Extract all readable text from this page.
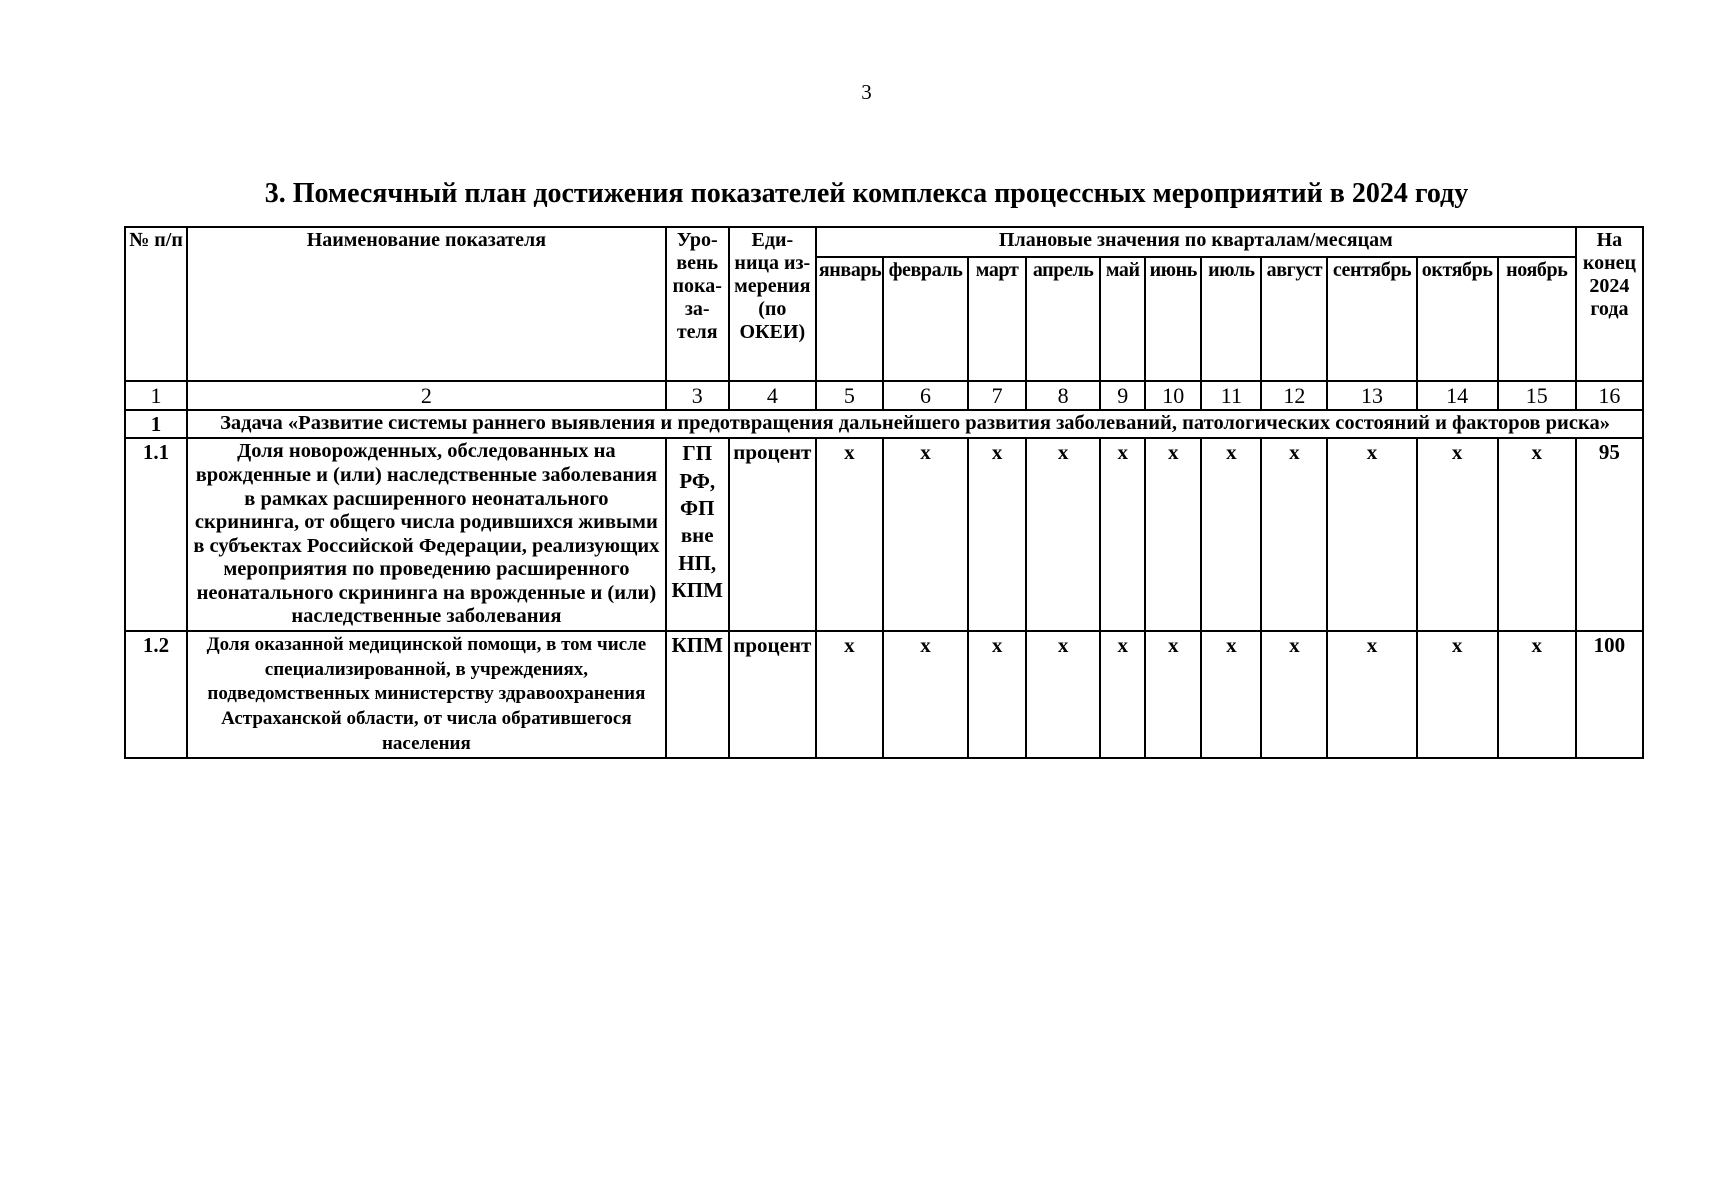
3
3. Помесячный план достижения показателей комплекса процессных мероприятий в 2024 году
№ п/п	Наименование показателя	Уро-вень пока-за-теля	Еди-ница из-мерения (по ОКЕИ)	Плановые значения по кварталам/месяцам											На конец 2024 года
				январь	февраль	март	апрель	май	июнь	июль	август	сентябрь	октябрь	ноябрь	
1	2	3	4	5	6	7	8	9	10	11	12	13	14	15	16
1	Задача «Развитие системы раннего выявления и предотвращения дальнейшего развития заболеваний, патологических состояний и факторов риска»														
1.1	Доля новорожденных, обследованных на врожденные и (или) наследственные заболевания в рамках расширенного неонатального скрининга, от общего числа родившихся живыми в субъектах Российской Федерации, реализующих мероприятия по проведению расширенного неонатального скрининга на врожденные и (или) наследственные заболевания	ГП РФ, ФП вне НП, КПМ	процент	x	x	x	x	x	x	x	x	x	x	x	95
1.2	Доля оказанной медицинской помощи, в том числе специализированной, в учреждениях, подведомственных министерству здравоохранения Астраханской области, от числа обратившегося населения	КПМ	процент	x	x	x	x	x	x	x	x	x	x	x	100
